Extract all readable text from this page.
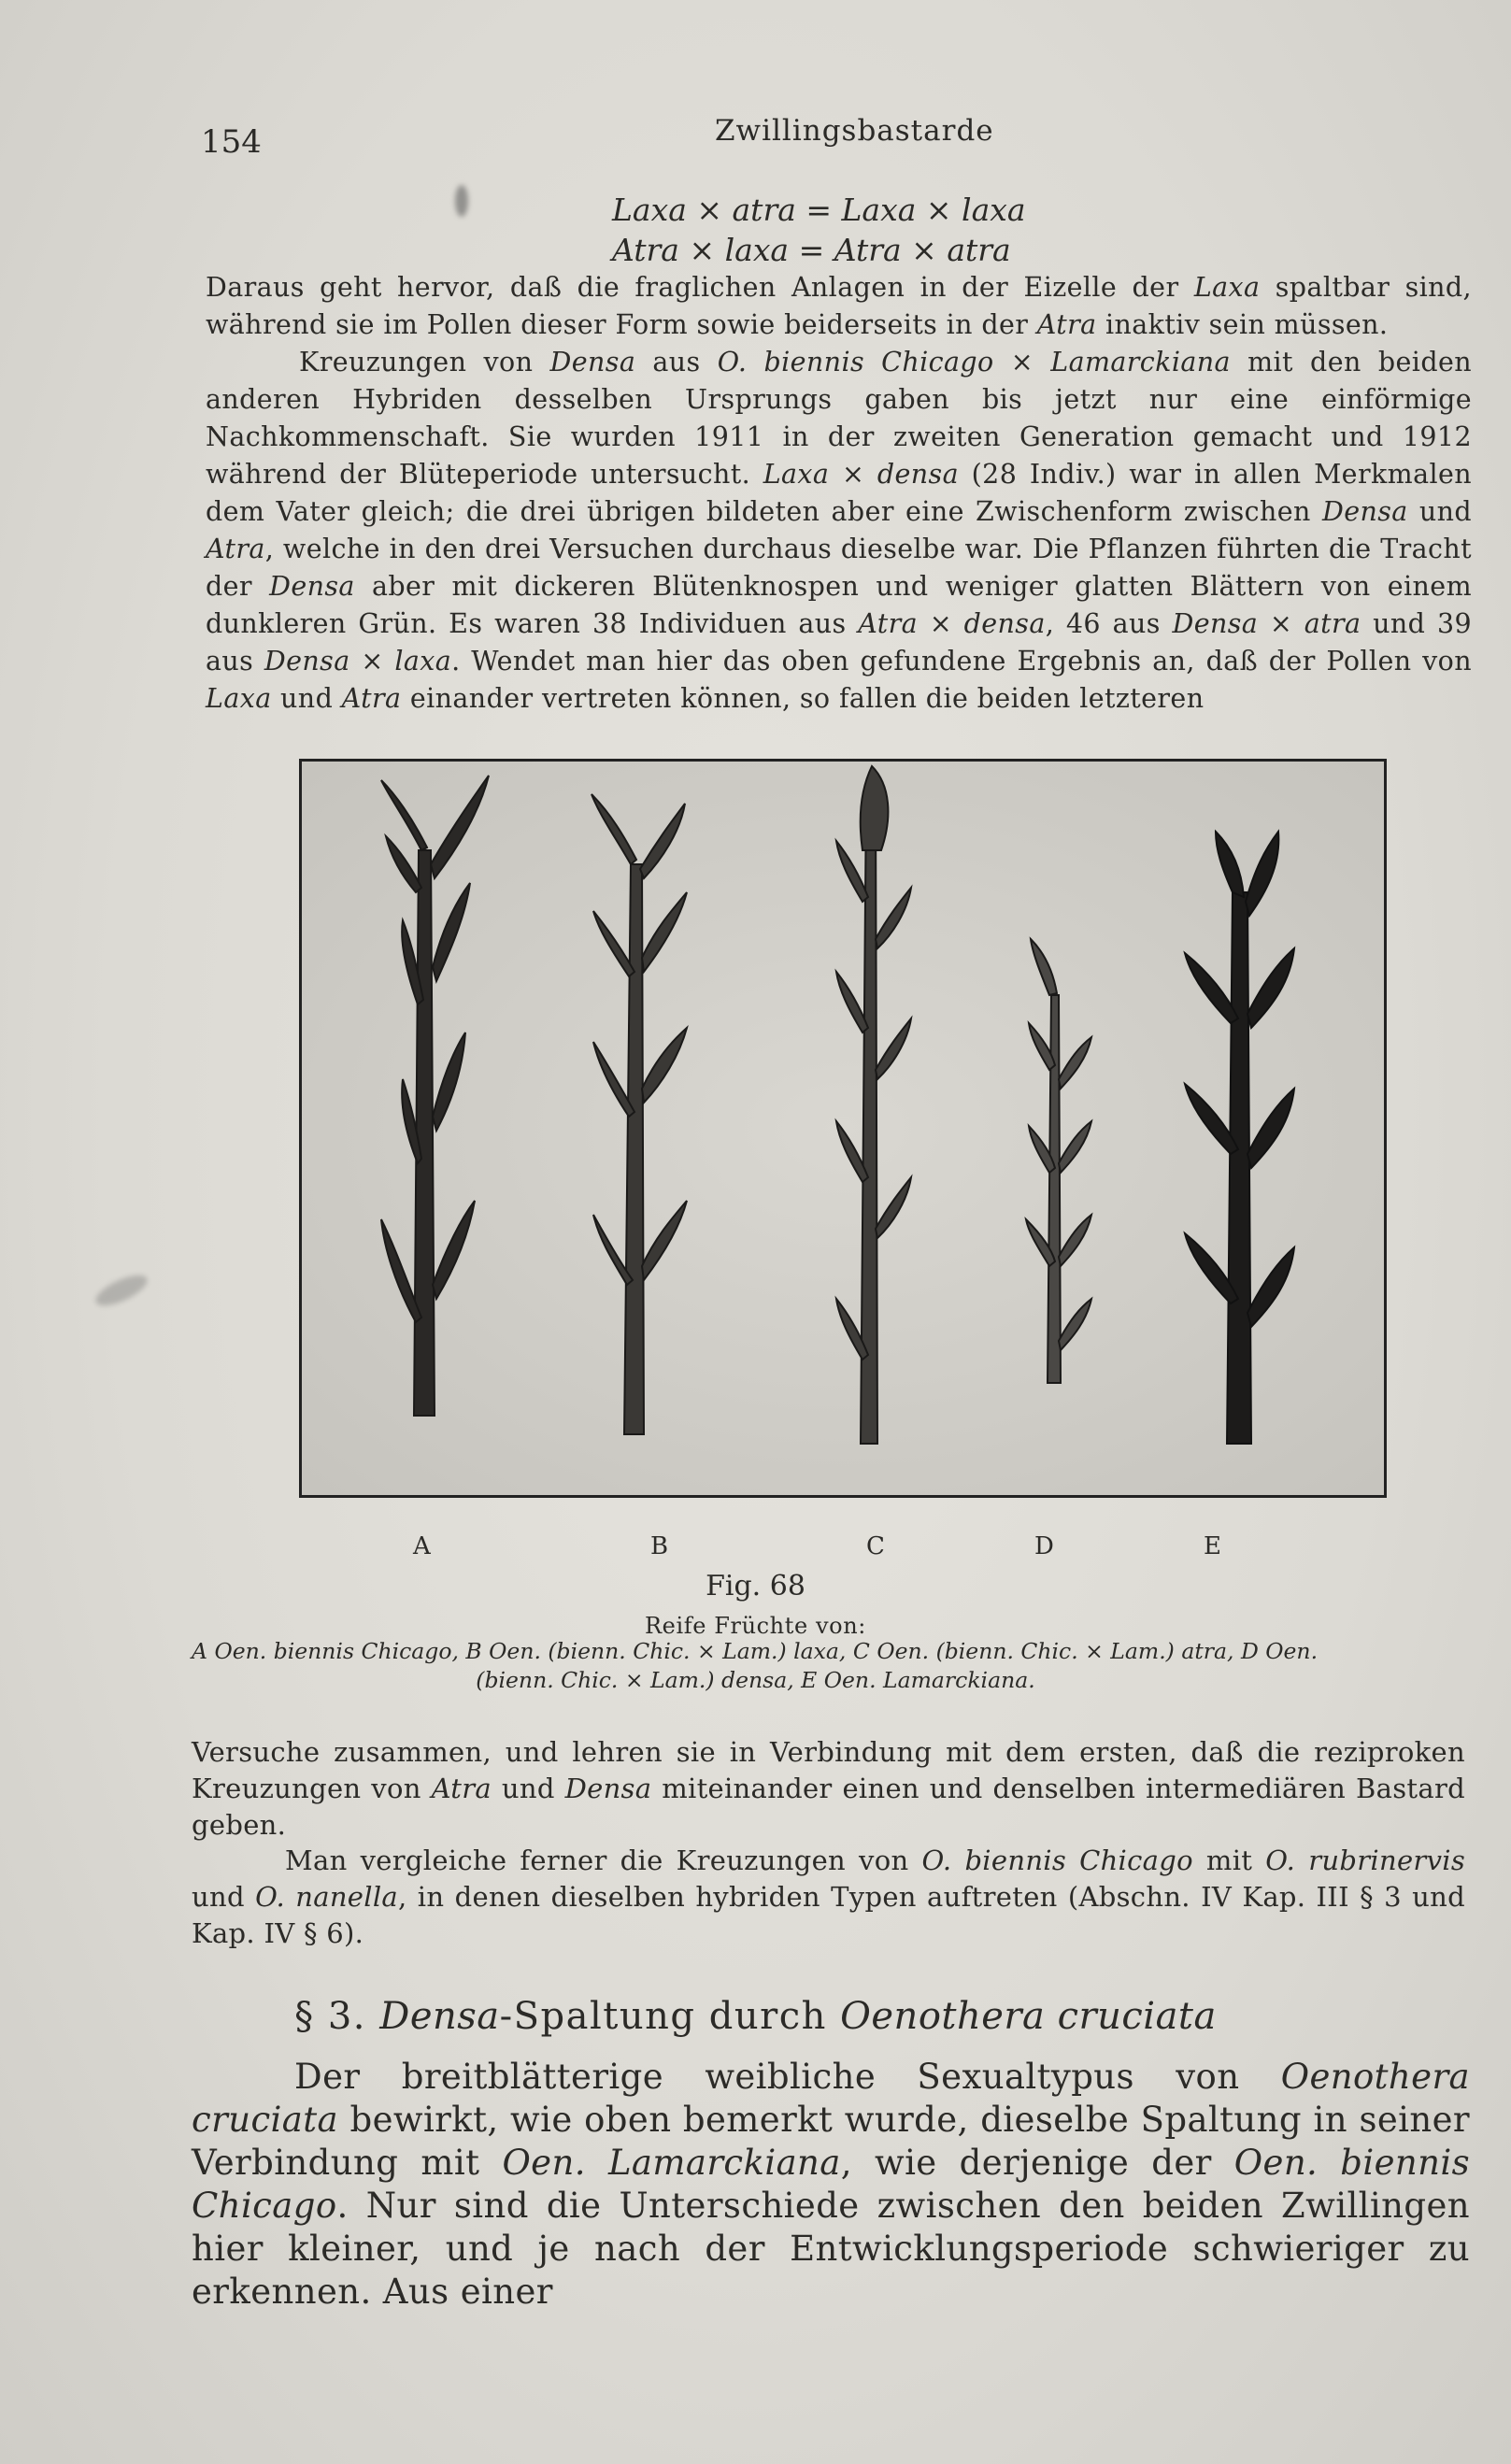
154	Zwillingsbastarde
Laxa × atra = Laxa × laxa
Atra × laxa = Atra × atra
Daraus geht hervor, daß die fraglichen Anlagen in der Eizelle der Laxa spaltbar sind, während sie im Pollen dieser Form sowie beiderseits in der Atra inaktiv sein müssen.
Kreuzungen von Densa aus O. biennis Chicago × Lamarckiana mit den beiden anderen Hybriden desselben Ursprungs gaben bis jetzt nur eine einförmige Nachkommenschaft. Sie wurden 1911 in der zweiten Generation gemacht und 1912 während der Blüteperiode untersucht. Laxa × densa (28 Indiv.) war in allen Merkmalen dem Vater gleich; die drei übrigen bildeten aber eine Zwischenform zwischen Densa und Atra, welche in den drei Versuchen durchaus dieselbe war. Die Pflanzen führten die Tracht der Densa aber mit dickeren Blütenknospen und weniger glatten Blättern von einem dunkleren Grün. Es waren 38 Individuen aus Atra × densa, 46 aus Densa × atra und 39 aus Densa × laxa. Wendet man hier das oben gefundene Ergebnis an, daß der Pollen von Laxa und Atra einander vertreten können, so fallen die beiden letzteren
A	B	C	D	E
Fig. 68
Reife Früchte von:
A Oen. biennis Chicago, B Oen. (bienn. Chic. × Lam.) laxa, C Oen. (bienn. Chic. × Lam.) atra, D Oen.
(bienn. Chic. × Lam.) densa, E Oen. Lamarckiana.
Versuche zusammen, und lehren sie in Verbindung mit dem ersten, daß die reziproken Kreuzungen von Atra und Densa miteinander einen und denselben intermediären Bastard geben.
Man vergleiche ferner die Kreuzungen von O. biennis Chicago mit O. rubrinervis und O. nanella, in denen dieselben hybriden Typen auftreten (Abschn. IV Kap. III § 3 und Kap. IV § 6).
§ 3. Densa-Spaltung durch Oenothera cruciata
Der breitblätterige weibliche Sexualtypus von Oenothera cruciata bewirkt, wie oben bemerkt wurde, dieselbe Spaltung in seiner Verbindung mit Oen. Lamarckiana, wie derjenige der Oen. biennis Chicago. Nur sind die Unterschiede zwischen den beiden Zwillingen hier kleiner, und je nach der Entwicklungsperiode schwieriger zu erkennen. Aus einer
